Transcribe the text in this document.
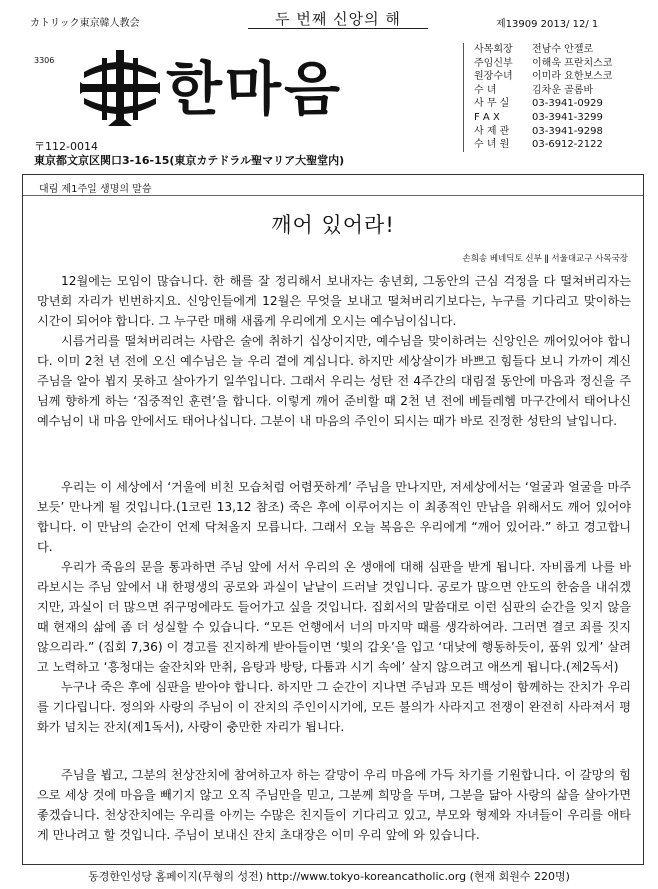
カトリック東京韓人教会	두 번째 신앙의 해	제13909 2013/ 12/ 1
3306 한마음
〒112-0014
東京都文京区関口3-16-15(東京カテドラル聖マリア大聖堂内)
사목회장	전남수 안젤로
주임신부	이해욱 프란치스코
원장수녀	이미라 요한보스코
수 녀	김차운 골롬바
사 무 실	03-3941-0929
F A X	03-3941-3299
사 제 관	03-3941-9298
수 녀 원	03-6912-2122
대림 제1주일 생명의 말씀
깨어 있어라!
손희송 베네딕토 신부 ǁ 서울대교구 사목국장

12월에는 모임이 많습니다. 한 해를 잘 정리해서 보내자는 송년회, 그동안의 근심 걱정을 다 떨쳐버리자는 망년회 자리가 빈번하지요. 신앙인들에게 12월은 무엇을 보내고 떨쳐버리기보다는, 누구를 기다리고 맞이하는 시간이 되어야 합니다. 그 누구란 매해 새롭게 우리에게 오시는 예수님이십니다.

시름거리를 떨쳐버리려는 사람은 술에 취하기 십상이지만, 예수님을 맞이하려는 신앙인은 깨어있어야 합니다. 이미 2천 년 전에 오신 예수님은 늘 우리 곁에 계십니다. 하지만 세상살이가 바쁘고 힘들다 보니 가까이 계신 주님을 알아 뵙지 못하고 살아가기 일쑤입니다. 그래서 우리는 성탄 전 4주간의 대림절 동안에 마음과 정신을 주님께 향하게 하는 ‘집중적인 훈련’을 합니다. 이렇게 깨어 준비할 때 2천 년 전에 베들레헴 마구간에서 태어나신 예수님이 내 마음 안에서도 태어나십니다. 그분이 내 마음의 주인이 되시는 때가 바로 진정한 성탄의 날입니다.

우리는 이 세상에서 ‘거울에 비친 모습처럼 어렴풋하게’ 주님을 만나지만, 저세상에서는 ‘얼굴과 얼굴을 마주보듯’ 만나게 될 것입니다.(1코린 13,12 참조) 죽은 후에 이루어지는 이 최종적인 만남을 위해서도 깨어 있어야 합니다. 이 만남의 순간이 언제 닥쳐올지 모릅니다. 그래서 오늘 복음은 우리에게 “깨어 있어라.” 하고 경고합니다.

우리가 죽음의 문을 통과하면 주님 앞에 서서 우리의 온 생애에 대해 심판을 받게 됩니다. 자비롭게 나를 바라보시는 주님 앞에서 내 한평생의 공로와 과실이 낱낱이 드러날 것입니다. 공로가 많으면 안도의 한숨을 내쉬겠지만, 과실이 더 많으면 쥐구멍에라도 들어가고 싶을 것입니다. 집회서의 말씀대로 이런 심판의 순간을 잊지 않을 때 현재의 삶에 좀 더 성실할 수 있습니다. “모든 언행에서 너의 마지막 때를 생각하여라. 그러면 결코 죄를 짓지 않으리라.” (집회 7,36) 이 경고를 진지하게 받아들이면 ‘빛의 갑옷’을 입고 ‘대낮에 행동하듯이, 품위 있게’ 살려고 노력하고 ‘흥청대는 술잔치와 만취, 음탕과 방탕, 다툼과 시기 속에’ 살지 않으려고 애쓰게 됩니다.(제2독서)

누구나 죽은 후에 심판을 받아야 합니다. 하지만 그 순간이 지나면 주님과 모든 백성이 함께하는 잔치가 우리를 기다립니다. 정의와 사랑의 주님이 이 잔치의 주인이시기에, 모든 불의가 사라지고 전쟁이 완전히 사라져서 평화가 넘치는 잔치(제1독서), 사랑이 충만한 자리가 됩니다.

주님을 뵙고, 그분의 천상잔치에 참여하고자 하는 갈망이 우리 마음에 가득 차기를 기원합니다. 이 갈망의 힘으로 세상 것에 마음을 빼기지 않고 오직 주님만을 믿고, 그분께 희망을 두며, 그분을 닮아 사랑의 삶을 살아가면 좋겠습니다. 천상잔치에는 우리를 아끼는 수많은 친지들이 기다리고 있고, 부모와 형제와 자녀들이 우리를 애타게 만나려고 할 것입니다. 주님이 보내신 잔치 초대장은 이미 우리 앞에 와 있습니다.

동경한인성당 홈페이지(무형의 성전) http://www.tokyo-koreancatholic.org (현재 회원수 220명)
